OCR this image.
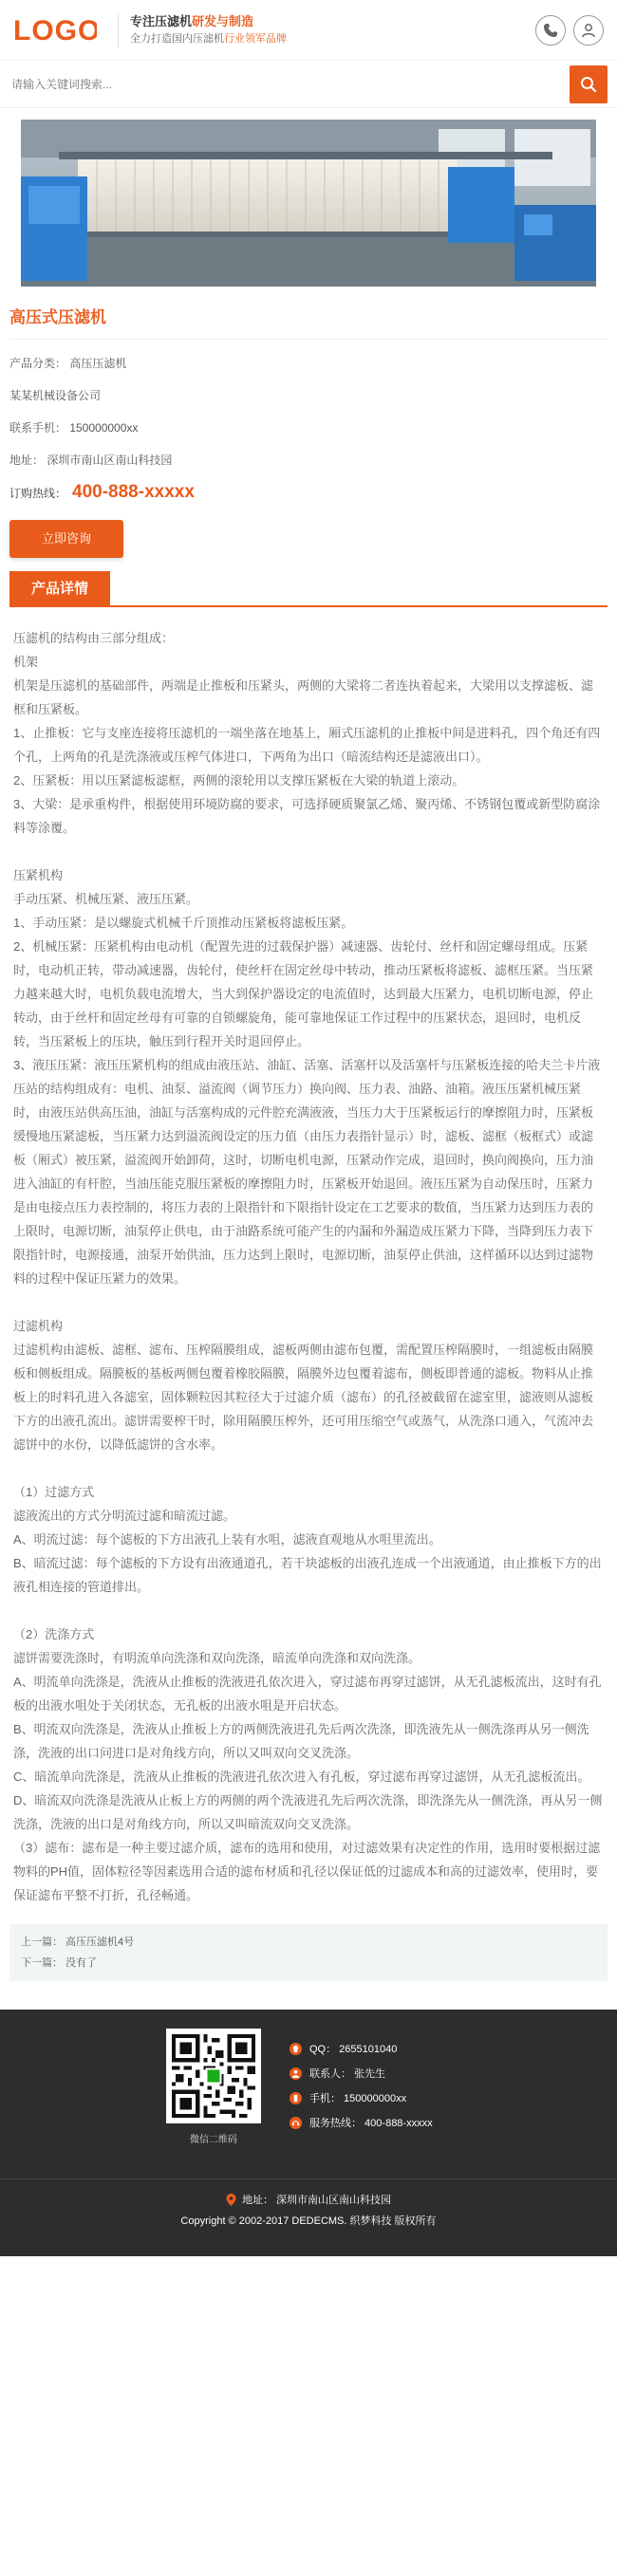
LOGO 专注压滤机研发与制造
全力打造国内压滤机行业领军品牌
请输入关键词搜索...
高压式压滤机
产品分类： 高压压滤机
某某机械设备公司
联系手机： 150000000xx
地址： 深圳市南山区南山科技园
订购热线： 400-888-xxxxx
立即咨询
产品详情

压滤机的结构由三部分组成：

机架

机架是压滤机的基础部件，两端是止推板和压紧头，两侧的大梁将二者连执着起来，大梁用以支撑滤板、滤框和压紧板。

1、止推板：它与支座连接将压滤机的一端坐落在地基上，厢式压滤机的止推板中间是进料孔，四个角还有四个孔，上两角的孔是洗涤液或压榨气体进口，下两角为出口（暗流结构还是滤液出口）。

2、压紧板：用以压紧滤板滤框，两侧的滚轮用以支撑压紧板在大梁的轨道上滚动。

3、大梁：是承重构件，根据使用环境防腐的要求，可选择硬质聚氯乙烯、聚丙烯、不锈钢包覆或新型防腐涂料等涂覆。

压紧机构

手动压紧、机械压紧、液压压紧。

1、手动压紧：是以螺旋式机械千斤顶推动压紧板将滤板压紧。

2、机械压紧：压紧机构由电动机（配置先进的过载保护器）减速器、齿轮付、丝杆和固定螺母组成。压紧时，电动机正转，带动减速器，齿轮付，使丝杆在固定丝母中转动，推动压紧板将滤板、滤框压紧。当压紧力越来越大时，电机负载电流增大，当大到保护器设定的电流值时，达到最大压紧力，电机切断电源，停止转动，由于丝杆和固定丝母有可靠的自锁螺旋角，能可靠地保证工作过程中的压紧状态，退回时，电机反转，当压紧板上的压块，触压到行程开关时退回停止。

3、液压压紧：液压压紧机构的组成由液压站、油缸、活塞、活塞杆以及活塞杆与压紧板连接的哈夫兰卡片液压站的结构组成有：电机、油泵、溢流阀（调节压力）换向阀、压力表、油路、油箱。液压压紧机械压紧时，由液压站供高压油，油缸与活塞构成的元件腔充满液液，当压力大于压紧板运行的摩擦阻力时，压紧板缓慢地压紧滤板，当压紧力达到溢流阀设定的压力值（由压力表指针显示）时，滤板、滤框（板框式）或滤板（厢式）被压紧，溢流阀开始卸荷，这时，切断电机电源，压紧动作完成，退回时，换向阀换向，压力油进入油缸的有杆腔，当油压能克服压紧板的摩擦阻力时，压紧板开始退回。液压压紧为自动保压时，压紧力是由电接点压力表控制的，将压力表的上限指针和下限指针设定在工艺要求的数值，当压紧力达到压力表的上限时，电源切断，油泵停止供电，由于油路系统可能产生的内漏和外漏造成压紧力下降，当降到压力表下限指针时，电源接通，油泵开始供油，压力达到上限时，电源切断，油泵停止供油，这样循环以达到过滤物料的过程中保证压紧力的效果。

过滤机构

过滤机构由滤板、滤框、滤布、压榨隔膜组成，滤板两侧由滤布包覆，需配置压榨隔膜时，一组滤板由隔膜板和侧板组成。隔膜板的基板两侧包覆着橡胶隔膜，隔膜外边包覆着滤布，侧板即普通的滤板。物料从止推板上的时料孔进入各滤室，固体颗粒因其粒径大于过滤介质（滤布）的孔径被截留在滤室里，滤液则从滤板下方的出液孔流出。滤饼需要榨干时，除用隔膜压榨外，还可用压缩空气或蒸气，从洗涤口通入，气流冲去滤饼中的水份，以降低滤饼的含水率。

（1）过滤方式

滤液流出的方式分明流过滤和暗流过滤。

A、明流过滤：每个滤板的下方出液孔上装有水咀，滤液直观地从水咀里流出。

B、暗流过滤：每个滤板的下方设有出液通道孔，若干块滤板的出液孔连成一个出液通道，由止推板下方的出液孔相连接的管道排出。

（2）洗涤方式

滤饼需要洗涤时，有明流单向洗涤和双向洗涤，暗流单向洗涤和双向洗涤。

A、明流单向洗涤是，洗液从止推板的洗液进孔依次进入，穿过滤布再穿过滤饼，从无孔滤板流出，这时有孔板的出液水咀处于关闭状态，无孔板的出液水咀是开启状态。

B、明流双向洗涤是，洗液从止推板上方的两侧洗液进孔先后两次洗涤，即洗液先从一侧洗涤再从另一侧洗涤，洗液的出口问进口是对角线方向，所以又叫双向交叉洗涤。

C、暗流单向洗涤是，洗液从止推板的洗液进孔依次进入有孔板，穿过滤布再穿过滤饼，从无孔滤板流出。

D、暗流双向洗涤是洗液从止板上方的两侧的两个洗液进孔先后两次洗涤，即洗涤先从一侧洗涤，再从另一侧洗涤，洗液的出口是对角线方向，所以又叫暗流双向交叉洗涤。

（3）滤布：滤布是一种主要过滤介质，滤布的选用和使用，对过滤效果有决定性的作用，选用时要根据过滤物料的PH值，固体粒径等因素选用合适的滤布材质和孔径以保证低的过滤成本和高的过滤效率，使用时，要保证滤布平整不打折，孔径畅通。

上一篇： 高压压滤机4号
下一篇： 没有了
微信二维码
QQ： 2655101040
联系人： 张先生
手机： 150000000xx
服务热线： 400-888-xxxxx
地址： 深圳市南山区南山科技园
Copyright © 2002-2017 DEDECMS. 织梦科技 版权所有
